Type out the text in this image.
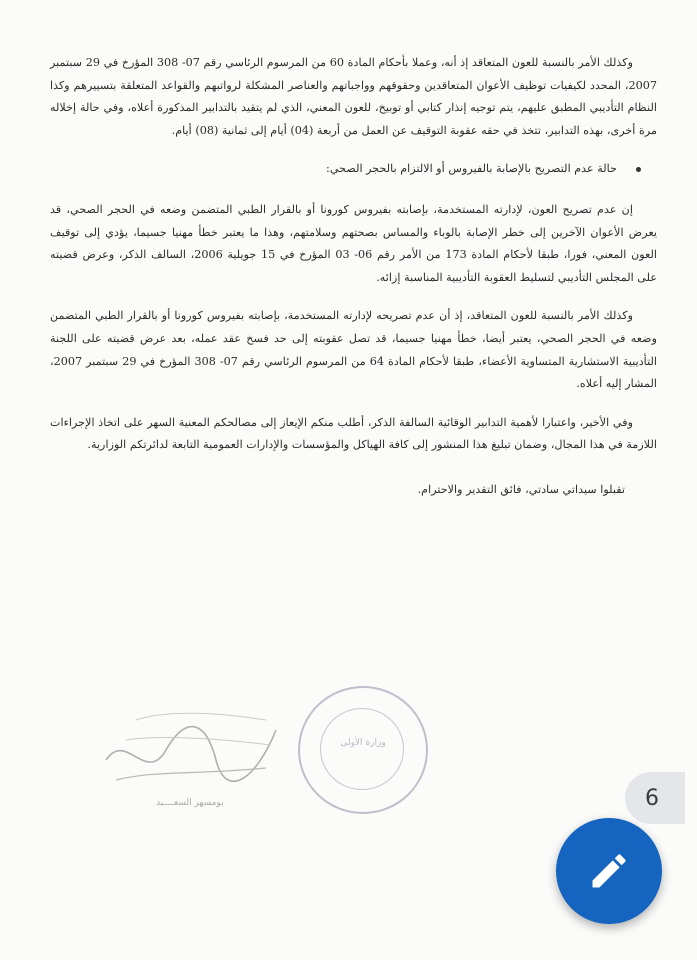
وكذلك الأمر بالنسبة للعون المتعاقد إذ أنه، وعملا بأحكام المادة 60 من المرسوم الرئاسي رقم 07- 308 المؤرخ في 29 سبتمبر 2007، المحدد لكيفيات توظيف الأعوان المتعاقدين وحقوقهم وواجباتهم والعناصر المشكلة لرواتبهم والقواعد المتعلقة بتسييرهم وكذا النظام التأديبي المطبق عليهم، يتم توجيه إنذار كتابي أو توبيخ، للعون المعني، الذي لم يتقيد بالتدابير المذكورة أعلاه، وفي حالة إخلاله مرة أخرى، بهذه التدابير، تتخذ في حقه عقوبة التوقيف عن العمل من أربعة (04) أيام إلى ثمانية (08) أيام.

حالة عدم التصريح بالإصابة بالفيروس أو الالتزام بالحجر الصحي:

إن عدم تصريح العون، لإدارته المستخدمة، بإصابته بفيروس كورونا أو بالقرار الطبي المتضمن وضعه في الحجر الصحي، قد يعرض الأعوان الآخرين إلى خطر الإصابة بالوباء والمساس بصحتهم وسلامتهم، وهذا ما يعتبر خطأ مهنيا جسيما، يؤدي إلى توقيف العون المعني، فورا، طبقا لأحكام المادة 173 من الأمر رقم 06- 03 المؤرخ في 15 جويلية 2006، السالف الذكر، وعرض قضيته على المجلس التأديبي لتسليط العقوبة التأديبية المناسبة إزائه.

وكذلك الأمر بالنسبة للعون المتعاقد، إذ أن عدم تصريحه لإدارته المستخدمة، بإصابته بفيروس كورونا أو بالقرار الطبي المتضمن وضعه في الحجر الصحي، يعتبر أيضا، خطأ مهنيا جسيما، قد تصل عقوبته إلى حد فسخ عقد عمله، بعد عرض قضيته على اللجنة التأديبية الاستشارية المتساوية الأعضاء، طبقا لأحكام المادة 64 من المرسوم الرئاسي رقم 07- 308 المؤرخ في 29 سبتمبر 2007، المشار إليه أعلاه.

وفي الأخير، واعتبارا لأهمية التدابير الوقائية السالفة الذكر، أطلب منكم الإيعاز إلى مصالحكم المعنية السهر على اتخاذ الإجراءات اللازمة في هذا المجال، وضمان تبليغ هذا المنشور إلى كافة الهياكل والمؤسسات والإدارات العمومية التابعة لدائرتكم الوزارية.

تقبلوا سيداتي سادتي، فائق التقدير والاحترام.

بومسهر السعــــيد
وزارة الأولى
6
